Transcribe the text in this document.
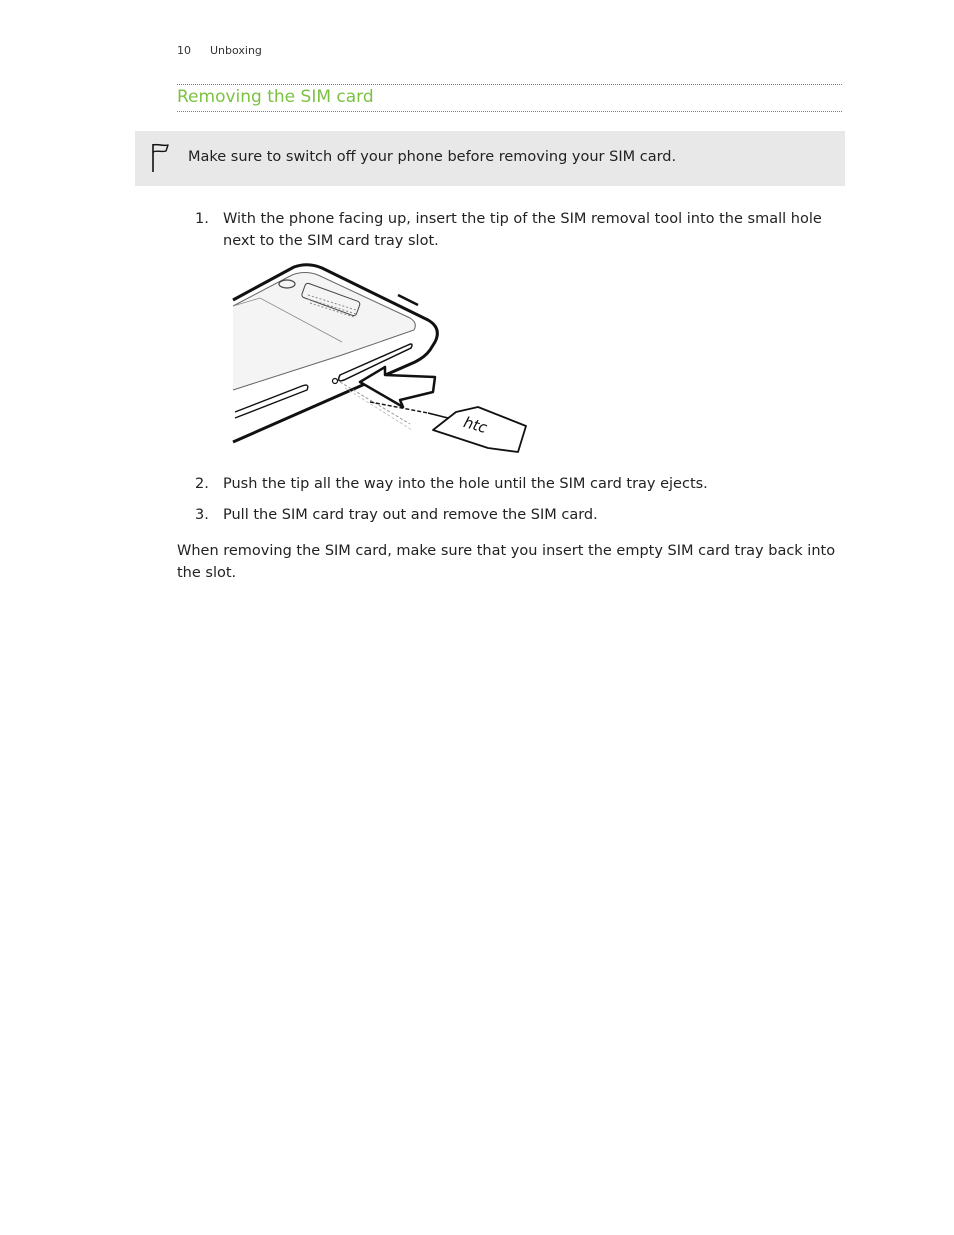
10 Unboxing
Removing the SIM card
Make sure to switch off your phone before removing your SIM card.
1. With the phone facing up, insert the tip of the SIM removal tool into the small hole next to the SIM card tray slot.
htc
2. Push the tip all the way into the hole until the SIM card tray ejects.
3. Pull the SIM card tray out and remove the SIM card.

When removing the SIM card, make sure that you insert the empty SIM card tray back into the slot.
